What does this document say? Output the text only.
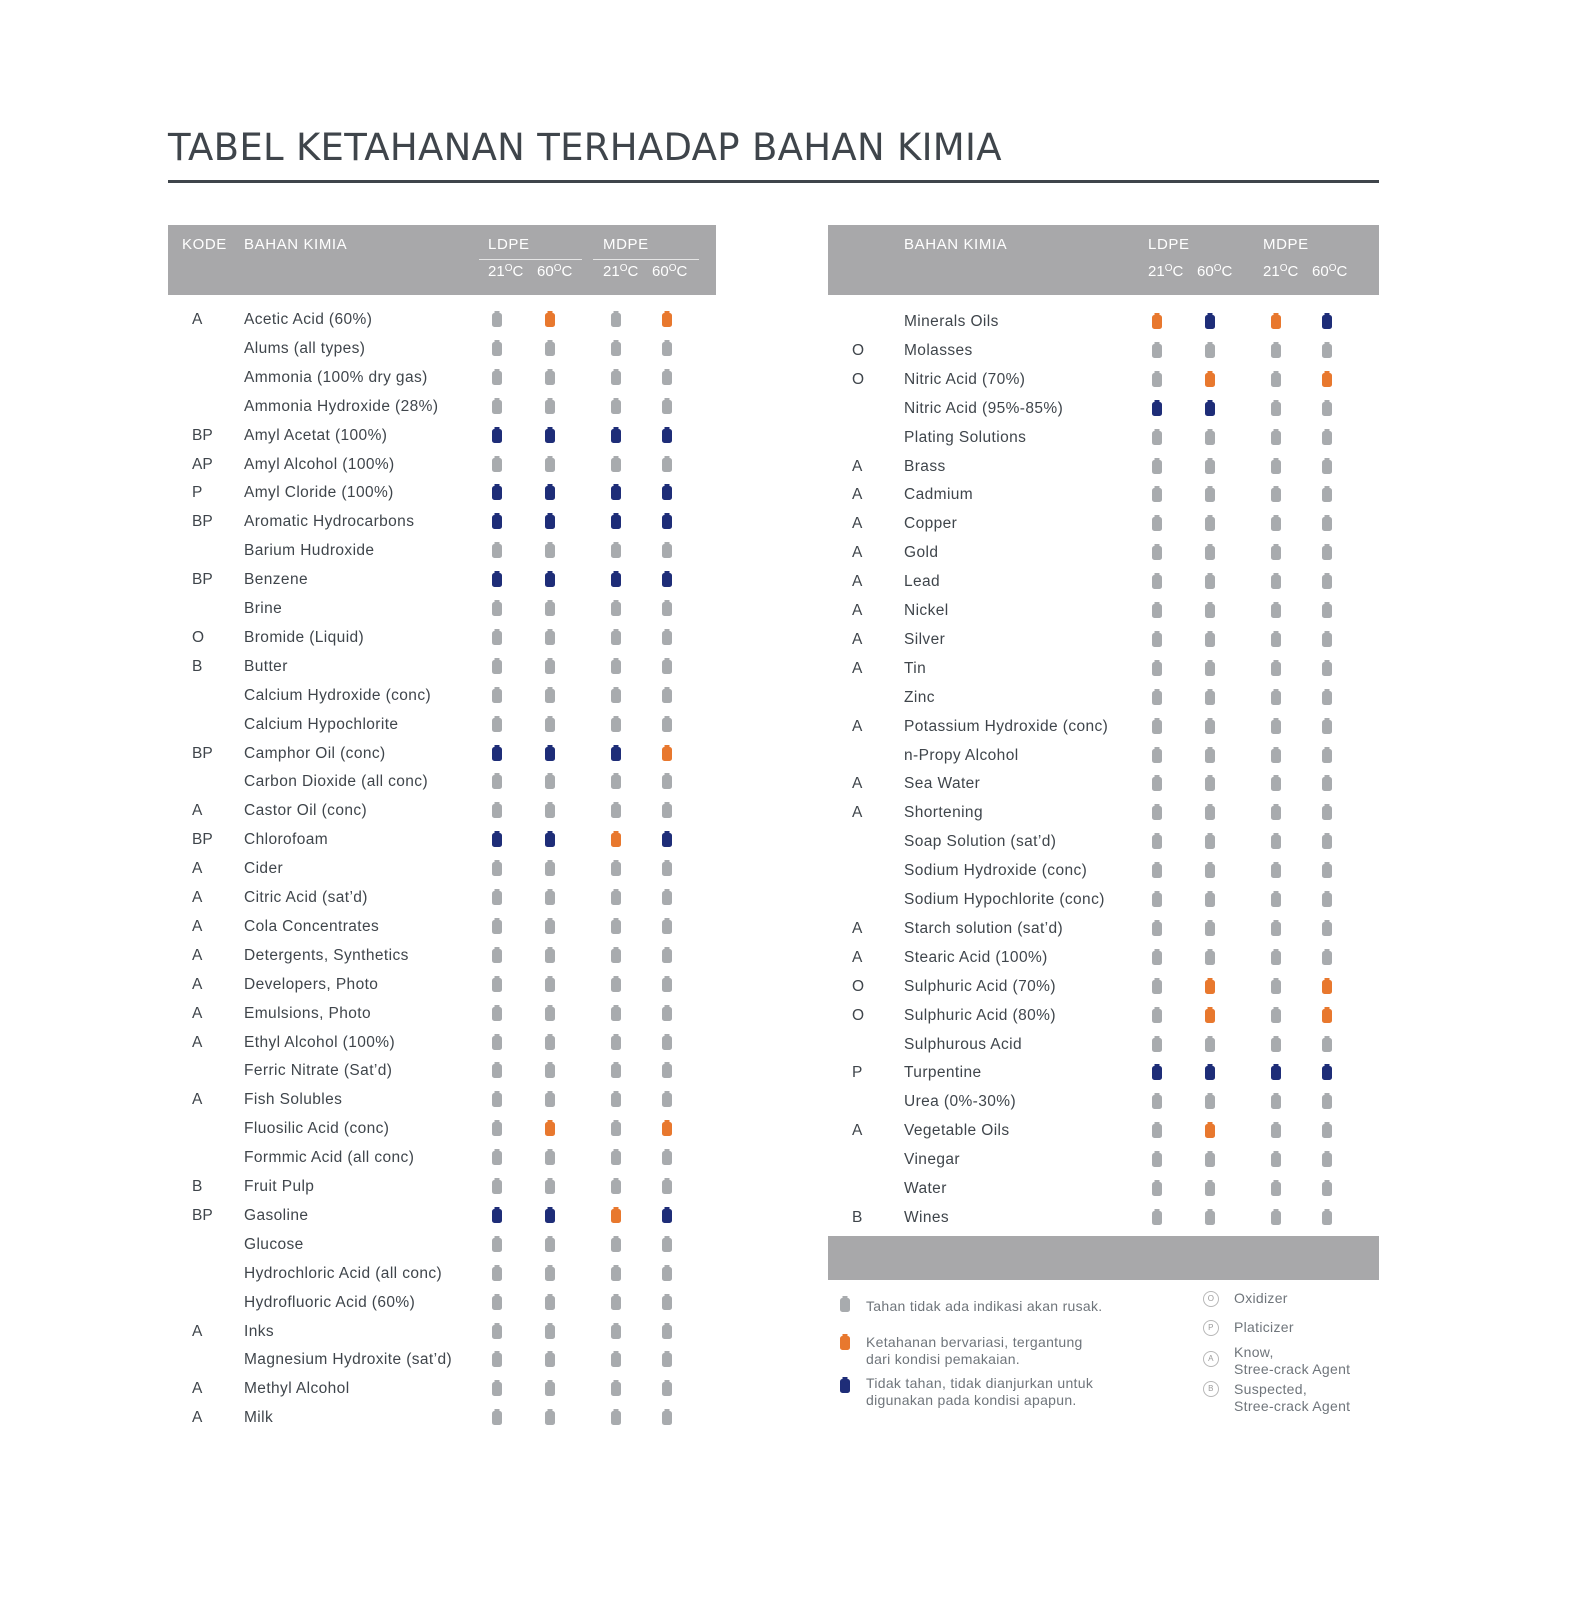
TABEL KETAHANAN TERHADAP BAHAN KIMIA
KODE BAHAN KIMIA	LDPE	MDPE
$21^OC$ $60^OC$ $21^OC$ $60^OC$
A	Acetic Acid (60%)
Alums (all types)
Ammonia (100% dry gas)
Ammonia Hydroxide (28%)
BP Amyl Acetat (100%)
AP Amyl Alcohol (100%)
P	Amyl Cloride (100%)
BP Aromatic Hydrocarbons
Barium Hudroxide
BP Benzene
Brine
O	Bromide (Liquid)
B	Butter
Calcium Hydroxide (conc)
Calcium Hypochlorite
BP Camphor Oil (conc)
Carbon Dioxide (all conc)
A	Castor Oil (conc)
BP Chlorofoam
A	Cider
A	Citric Acid (sat’d)
A	Cola Concentrates
A	Detergents, Synthetics
A	Developers, Photo
A	Emulsions, Photo
A	Ethyl Alcohol (100%)
Ferric Nitrate (Sat’d)
A	Fish Solubles
Fluosilic Acid (conc)
Formmic Acid (all conc)
B	Fruit Pulp
BP Gasoline
Glucose
Hydrochloric Acid (all conc)
Hydrofluoric Acid (60%)
A	Inks
Magnesium Hydroxite (sat’d)
A	Methyl Alcohol
A	Milk
BAHAN KIMIA	LDPE	MDPE
$21^OC$ $60^OC$ $21^OC$ $60^OC$
Minerals Oils
O	Molasses
O	Nitric Acid (70%)
Nitric Acid (95%-85%)
Plating Solutions
A	Brass
A	Cadmium
A	Copper
A	Gold
A	Lead
A	Nickel
A	Silver
A	Tin
Zinc
A	Potassium Hydroxide (conc)
n-Propy Alcohol
A	Sea Water
A	Shortening
Soap Solution (sat’d)
Sodium Hydroxide (conc)
Sodium Hypochlorite (conc)
A	Starch solution (sat’d)
A	Stearic Acid (100%)
O	Sulphuric Acid (70%)
O	Sulphuric Acid (80%)
Sulphurous Acid
P	Turpentine
Urea (0%-30%)
A	Vegetable Oils
Vinegar
Water
B	Wines
Tahan tidak ada indikasi akan rusak.
Ketahanan bervariasi, tergantung
dari kondisi pemakaian.
Tidak tahan, tidak dianjurkan untuk
digunakan pada kondisi apapun.
O	Oxidizer
P	Platicizer
A	Know,
Stree-crack Agent
B	Suspected,
Stree-crack Agent
